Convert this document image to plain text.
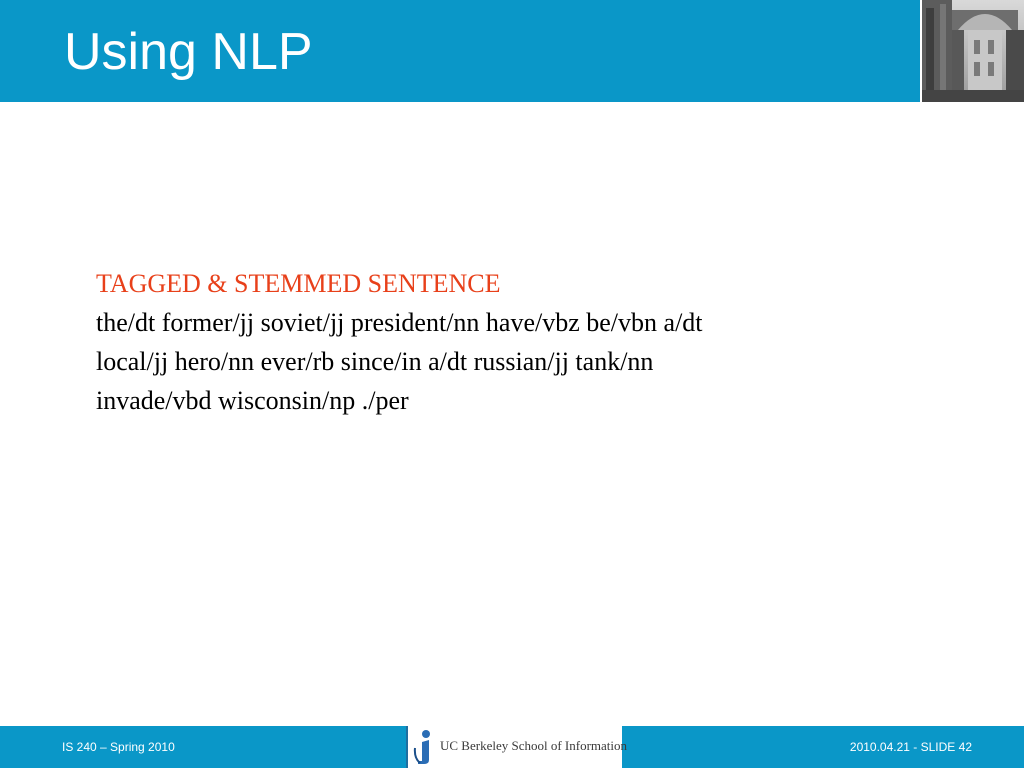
Using NLP
TAGGED & STEMMED SENTENCE
the/dt former/jj soviet/jj president/nn have/vbz be/vbn a/dt
local/jj hero/nn ever/rb since/in a/dt russian/jj tank/nn
invade/vbd wisconsin/np ./per
IS 240 – Spring 2010	UC Berkeley School of Information	2010.04.21 - SLIDE 42
